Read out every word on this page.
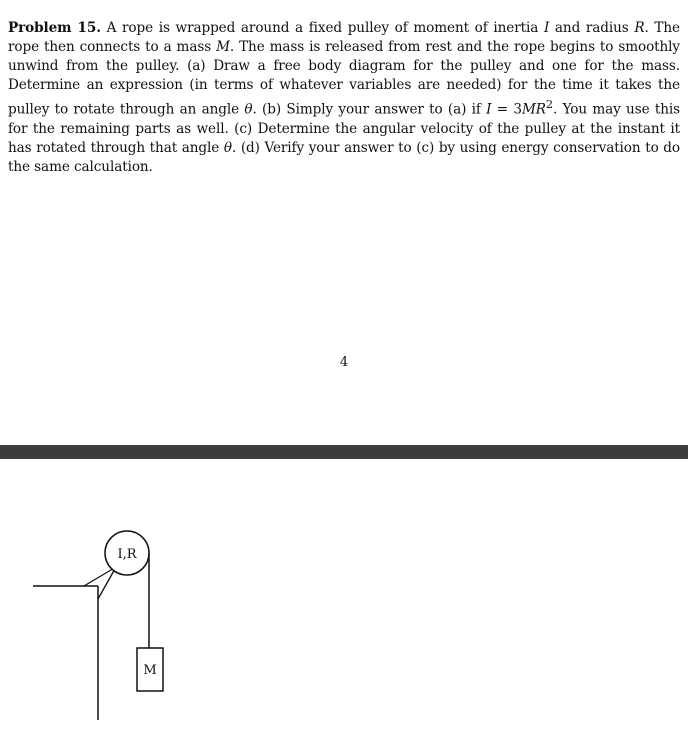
Problem 15. A rope is wrapped around a fixed pulley of moment of inertia I and radius R. The rope then connects to a mass M. The mass is released from rest and the rope begins to smoothly unwind from the pulley. (a) Draw a free body diagram for the pulley and one for the mass. Determine an expression (in terms of whatever variables are needed) for the time it takes the pulley to rotate through an angle θ. (b) Simply your answer to (a) if $I = 3MR^2$. You may use this for the remaining parts as well. (c) Determine the angular velocity of the pulley at the instant it has rotated through that angle θ. (d) Verify your answer to (c) by using energy conservation to do the same calculation.

4
I,R
M
